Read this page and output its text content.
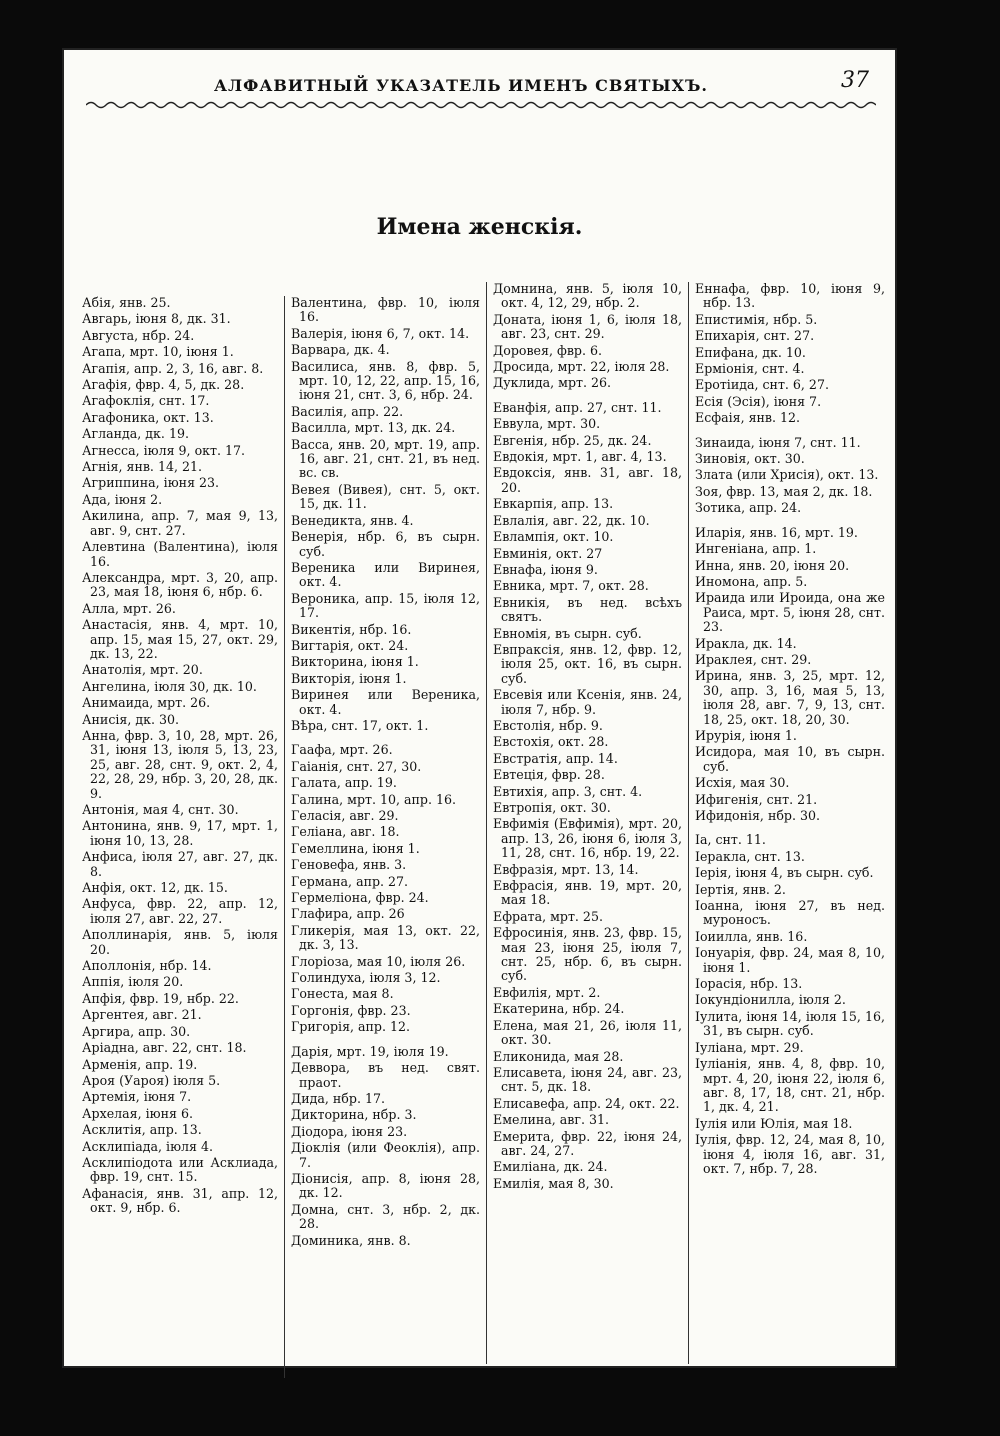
АЛФАВИТНЫЙ УКАЗАТЕЛЬ ИМЕНЪ СВЯТЫХЪ.	37
Имена женскія.
Абія, янв. 25.
Авгарь, іюня 8, дк. 31.
Августа, нбр. 24.
Агапа, мрт. 10, іюня 1.
Агапія, апр. 2, 3, 16, авг. 8.
Агафія, фвр. 4, 5, дк. 28.
Агафоклія, снт. 17.
Агафоника, окт. 13.
Агланда, дк. 19.
Агнесса, іюля 9, окт. 17.
Агнія, янв. 14, 21.
Агриппина, іюня 23.
Ада, іюня 2.
Акилина, апр. 7, мая 9, 13, авг. 9, снт. 27.
Алевтина (Валентина), іюля 16.
Александра, мрт. 3, 20, апр. 23, мая 18, іюня 6, нбр. 6.
Алла, мрт. 26.
Анастасія, янв. 4, мрт. 10, апр. 15, мая 15, 27, окт. 29, дк. 13, 22.
Анатолія, мрт. 20.
Ангелина, іюля 30, дк. 10.
Анимаида, мрт. 26.
Анисія, дк. 30.
Анна, фвр. 3, 10, 28, мрт. 26, 31, іюня 13, іюля 5, 13, 23, 25, авг. 28, снт. 9, окт. 2, 4, 22, 28, 29, нбр. 3, 20, 28, дк. 9.
Антонія, мая 4, снт. 30.
Антонина, янв. 9, 17, мрт. 1, іюня 10, 13, 28.
Анфиса, іюля 27, авг. 27, дк. 8.
Анфія, окт. 12, дк. 15.
Анфуса, фвр. 22, апр. 12, іюля 27, авг. 22, 27.
Аполлинарія, янв. 5, іюля 20.
Аполлонія, нбр. 14.
Аппія, іюля 20.
Апфія, фвр. 19, нбр. 22.
Аргентея, авг. 21.
Аргира, апр. 30.
Аріадна, авг. 22, снт. 18.
Арменія, апр. 19.
Ароя (Уароя) іюля 5.
Артемія, іюня 7.
Архелая, іюня 6.
Асклитія, апр. 13.
Асклипіада, іюля 4.
Асклипіодота или Асклиада, фвр. 19, снт. 15.
Афанасія, янв. 31, апр. 12, окт. 9, нбр. 6.
Валентина, фвр. 10, іюля 16.
Валерія, іюня 6, 7, окт. 14.
Варвара, дк. 4.
Василиса, янв. 8, фвр. 5, мрт. 10, 12, 22, апр. 15, 16, іюня 21, снт. 3, 6, нбр. 24.
Василія, апр. 22.
Василла, мрт. 13, дк. 24.
Васса, янв. 20, мрт. 19, апр. 16, авг. 21, снт. 21, въ нед. вс. св.
Вевея (Вивея), снт. 5, окт. 15, дк. 11.
Венедикта, янв. 4.
Венерія, нбр. 6, въ сырн. суб.
Вереника или Виринея, окт. 4.
Вероника, апр. 15, іюля 12, 17.
Викентія, нбр. 16.
Вигтарія, окт. 24.
Викторина, іюня 1.
Викторія, іюня 1.
Виринея или Вереника, окт. 4.
Вѣра, снт. 17, окт. 1.
Гаафа, мрт. 26.
Гаіанія, снт. 27, 30.
Галата, апр. 19.
Галина, мрт. 10, апр. 16.
Геласія, авг. 29.
Геліана, авг. 18.
Гемеллина, іюня 1.
Геновефа, янв. 3.
Германа, апр. 27.
Гермеліона, фвр. 24.
Глафира, апр. 26
Гликерія, мая 13, окт. 22, дк. 3, 13.
Глоріоза, мая 10, іюля 26.
Голиндуха, іюля 3, 12.
Гонеста, мая 8.
Горгонія, фвр. 23.
Григорія, апр. 12.
Дарія, мрт. 19, іюля 19.
Деввора, въ нед. свят. праот.
Дида, нбр. 17.
Дикторина, нбр. 3.
Діодора, іюня 23.
Діоклія (или Феоклія), апр. 7.
Діонисія, апр. 8, іюня 28, дк. 12.
Домна, снт. 3, нбр. 2, дк. 28.
Доминика, янв. 8.
Домнина, янв. 5, іюля 10, окт. 4, 12, 29, нбр. 2.
Доната, іюня 1, 6, іюля 18, авг. 23, снт. 29.
Доровея, фвр. 6.
Дросида, мрт. 22, іюля 28.
Дуклида, мрт. 26.
Еванфія, апр. 27, снт. 11.
Еввула, мрт. 30.
Евгенія, нбр. 25, дк. 24.
Евдокія, мрт. 1, авг. 4, 13.
Евдоксія, янв. 31, авг. 18, 20.
Евкарпія, апр. 13.
Евлалія, авг. 22, дк. 10.
Евлампія, окт. 10.
Евминія, окт. 27
Евнафа, іюня 9.
Евника, мрт. 7, окт. 28.
Евникія, въ нед. всѣхъ святъ.
Евномія, въ сырн. суб.
Евпраксія, янв. 12, фвр. 12, іюля 25, окт. 16, въ сырн. суб.
Евсевія или Ксенія, янв. 24, іюля 7, нбр. 9.
Евстолія, нбр. 9.
Евстохія, окт. 28.
Евстратія, апр. 14.
Евтеція, фвр. 28.
Евтихія, апр. 3, снт. 4.
Евтропія, окт. 30.
Евфимія (Евфимія), мрт. 20, апр. 13, 26, іюня 6, іюля 3, 11, 28, снт. 16, нбр. 19, 22.
Евфразія, мрт. 13, 14.
Евфрасія, янв. 19, мрт. 20, мая 18.
Ефрата, мрт. 25.
Ефросинія, янв. 23, фвр. 15, мая 23, іюня 25, іюля 7, снт. 25, нбр. 6, въ сырн. суб.
Евфилія, мрт. 2.
Екатерина, нбр. 24.
Елена, мая 21, 26, іюля 11, окт. 30.
Еликонида, мая 28.
Елисавета, іюня 24, авг. 23, снт. 5, дк. 18.
Елисавефа, апр. 24, окт. 22.
Емелина, авг. 31.
Емерита, фвр. 22, іюня 24, авг. 24, 27.
Емиліана, дк. 24.
Емилія, мая 8, 30.
Еннафа, фвр. 10, іюня 9, нбр. 13.
Епистимія, нбр. 5.
Епихарія, снт. 27.
Епифана, дк. 10.
Ерміонія, снт. 4.
Еротіида, снт. 6, 27.
Есія (Эсія), іюня 7.
Есфаія, янв. 12.
Зинаида, іюня 7, снт. 11.
Зиновія, окт. 30.
Злата (или Хрисія), окт. 13.
Зоя, фвр. 13, мая 2, дк. 18.
Зотика, апр. 24.
Иларія, янв. 16, мрт. 19.
Ингеніана, апр. 1.
Инна, янв. 20, іюня 20.
Иномона, апр. 5.
Ираида или Ироида, она же Раиса, мрт. 5, іюня 28, снт. 23.
Иракла, дк. 14.
Ираклея, снт. 29.
Ирина, янв. 3, 25, мрт. 12, 30, апр. 3, 16, мая 5, 13, іюля 28, авг. 7, 9, 13, снт. 18, 25, окт. 18, 20, 30.
Ирурія, іюня 1.
Исидора, мая 10, въ сырн. суб.
Исхія, мая 30.
Ифигенія, снт. 21.
Ифидонія, нбр. 30.
Іа, снт. 11.
Іеракла, снт. 13.
Іерія, іюня 4, въ сырн. суб.
Іертія, янв. 2.
Іоанна, іюня 27, въ нед. муроносъ.
Іоиилла, янв. 16.
Іонуарія, фвр. 24, мая 8, 10, іюня 1.
Іорасія, нбр. 13.
Іокундіонилла, іюля 2.
Іулита, іюня 14, іюля 15, 16, 31, въ сырн. суб.
Іуліана, мрт. 29.
Іуліанія, янв. 4, 8, фвр. 10, мрт. 4, 20, іюня 22, іюля 6, авг. 8, 17, 18, снт. 21, нбр. 1, дк. 4, 21.
Іулія или Юлія, мая 18.
Іулія, фвр. 12, 24, мая 8, 10, іюня 4, іюля 16, авг. 31, окт. 7, нбр. 7, 28.
